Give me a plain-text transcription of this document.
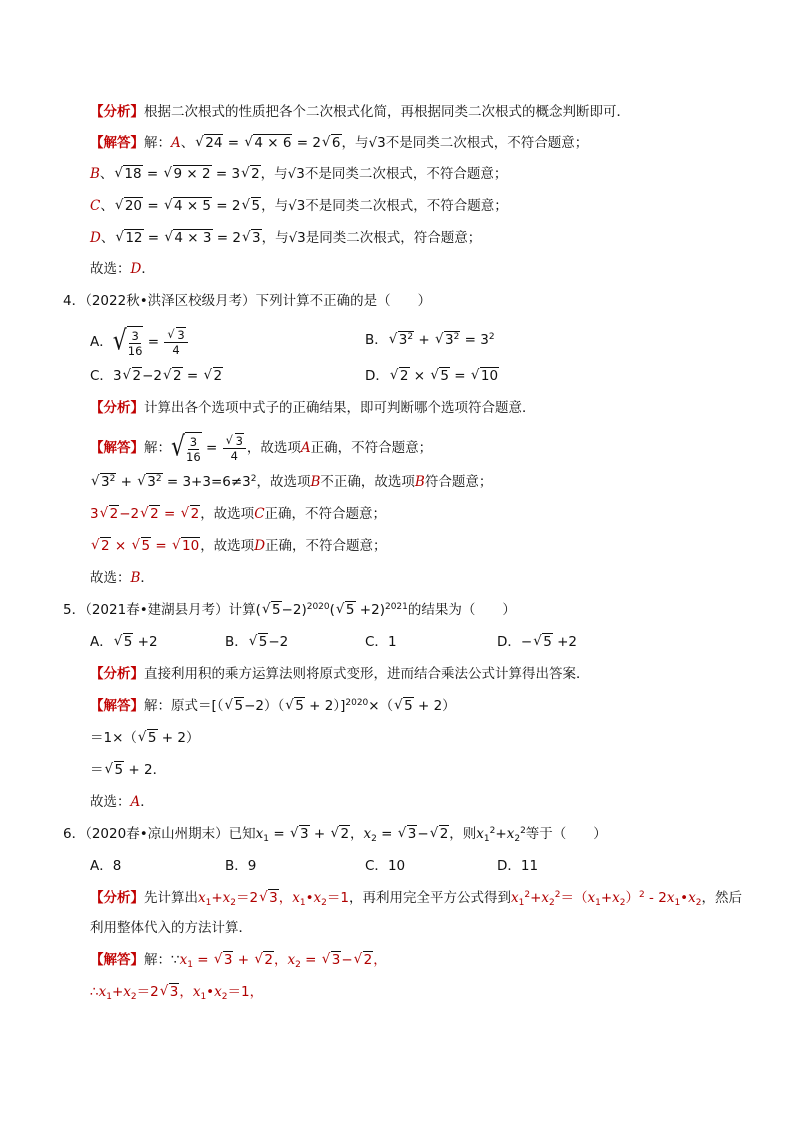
【分析】根据二次根式的性质把各个二次根式化简，再根据同类二次根式的概念判断即可．
【解答】解：A、√ 24 = √ 4 × 6 = 2√ 6，与√3不是同类二次根式，不符合题意；
B、√ 18 = √ 9 × 2 = 3√ 2，与√3不是同类二次根式，不符合题意；
C、√ 20 = √ 4 × 5 = 2√ 5，与√3不是同类二次根式，不符合题意；
D、√ 12 = √ 4 × 3 = 2√ 3，与√3是同类二次根式，符合题意；
故选：D．
4．（2022秋•洪泽区校级月考）下列计算不正确的是（　　）
A． √ $\frac{3}{16}$ =
√ $\frac{3}{4}$	B．√ $3^2$ + √ $3^2 = 3^2$
C．3√ 2−2√ 2 = √ 2	D．√ 2 × √ 5 = √ 10
【分析】计算出各个选项中式子的正确结果，即可判断哪个选项符合题意．
【解答】解： √ $\frac{3}{16}$ =
√ $\frac{3}{4}$ ，故选项A正确，不符合题意；
√ $3^2$ + √ $3^2 = 3+3=6\ne 3^2$，故选项B不正确，故选项B符合题意；
3√ 2−2√ 2 = √ 2，故选项C正确，不符合题意；
√ 2 × √ 5 = √ 10，故选项D正确，不符合题意；
故选：B．
5．（2021春•建湖县月考）计算(√ 5−2)$^{2020}$(√ 5 +2)$^{2021}$的结果为（　　）
A．√ 5 +2	B．√ 5−2	C．1	D．−√ 5 +2
【分析】直接利用积的乘方运算法则将原式变形，进而结合乘法公式计算得出答案．
【解答】解：原式＝[（√ 5−2）（√ 5 + 2）]$^{2020}$×（√ 5 + 2）
＝1×（√ 5 + 2）
＝√ 5 + 2．
故选：A．
6．（2020春•凉山州期末）已知$x_1$ = √ 3 + √ 2，$x_2$ = √ 3−√ 2，则$x_1^2+x_2^2$等于（　　）
A．8	B．9	C．10	D．11
【分析】先计算出$x_1+x_2=2√$ 3，$x_1•x_2=1$，再利用完全平方公式得到$x_1^2+x_2^2=(x_1+x_2)^2$ - $2x_1•x_2$，然后
利用整体代入的方法计算．
【解答】解：$\because x_1$ = √ 3 + √ 2，$x_2$ = √ 3−√ 2，
$\therefore x_1+x_2=2√$ 3，$x_1•x_2=1$，
